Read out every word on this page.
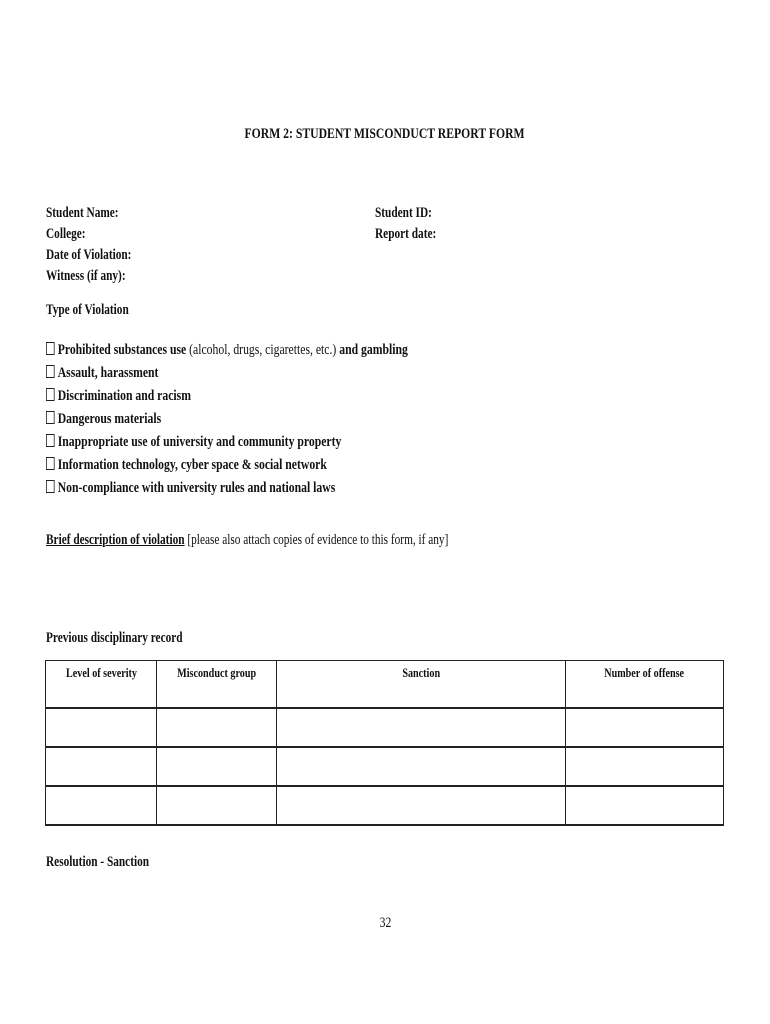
FORM 2: STUDENT MISCONDUCT REPORT FORM
Student Name:
College:
Date of Violation:
Witness (if any):
Student ID:
Report date:
Type of Violation
Prohibited substances use (alcohol, drugs, cigarettes, etc.) and gambling
Assault, harassment
Discrimination and racism
Dangerous materials
Inappropriate use of university and community property
Information technology, cyber space & social network
Non-compliance with university rules and national laws
Brief description of violation [please also attach copies of evidence to this form, if any]
Previous disciplinary record
Level of severity	Misconduct group	Sanction	Number of offense

Resolution - Sanction
32
